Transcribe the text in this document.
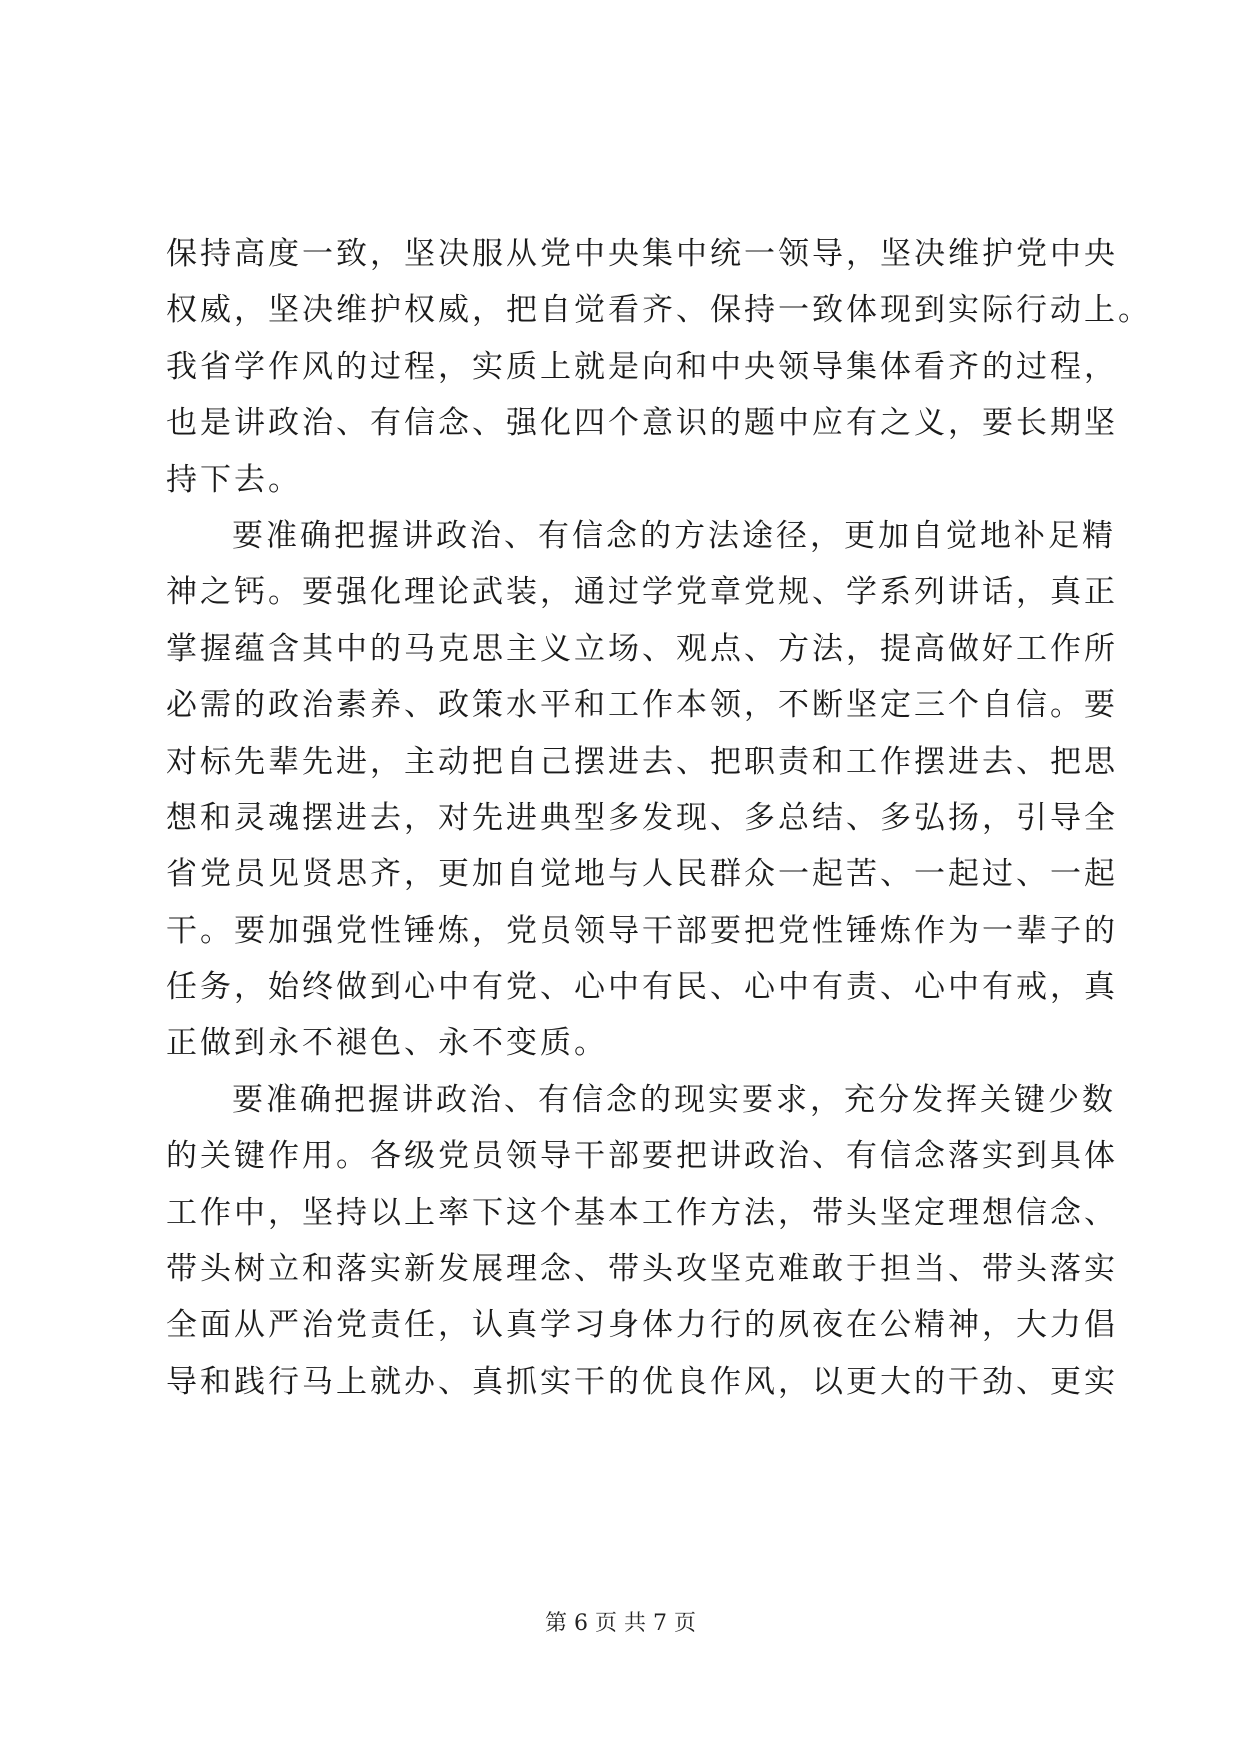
保持高度一致，坚决服从党中央集中统一领导，坚决维护党中央
权威，坚决维护权威，把自觉看齐、保持一致体现到实际行动上。
我省学作风的过程，实质上就是向和中央领导集体看齐的过程，
也是讲政治、有信念、强化四个意识的题中应有之义，要长期坚
持下去。
要准确把握讲政治、有信念的方法途径，更加自觉地补足精
神之钙。要强化理论武装，通过学党章党规、学系列讲话，真正
掌握蕴含其中的马克思主义立场、观点、方法，提高做好工作所
必需的政治素养、政策水平和工作本领，不断坚定三个自信。要
对标先辈先进，主动把自己摆进去、把职责和工作摆进去、把思
想和灵魂摆进去，对先进典型多发现、多总结、多弘扬，引导全
省党员见贤思齐，更加自觉地与人民群众一起苦、一起过、一起
干。要加强党性锤炼，党员领导干部要把党性锤炼作为一辈子的
任务，始终做到心中有党、心中有民、心中有责、心中有戒，真
正做到永不褪色、永不变质。
要准确把握讲政治、有信念的现实要求，充分发挥关键少数
的关键作用。各级党员领导干部要把讲政治、有信念落实到具体
工作中，坚持以上率下这个基本工作方法，带头坚定理想信念、
带头树立和落实新发展理念、带头攻坚克难敢于担当、带头落实
全面从严治党责任，认真学习身体力行的夙夜在公精神，大力倡
导和践行马上就办、真抓实干的优良作风，以更大的干劲、更实
第 6 页 共 7 页
